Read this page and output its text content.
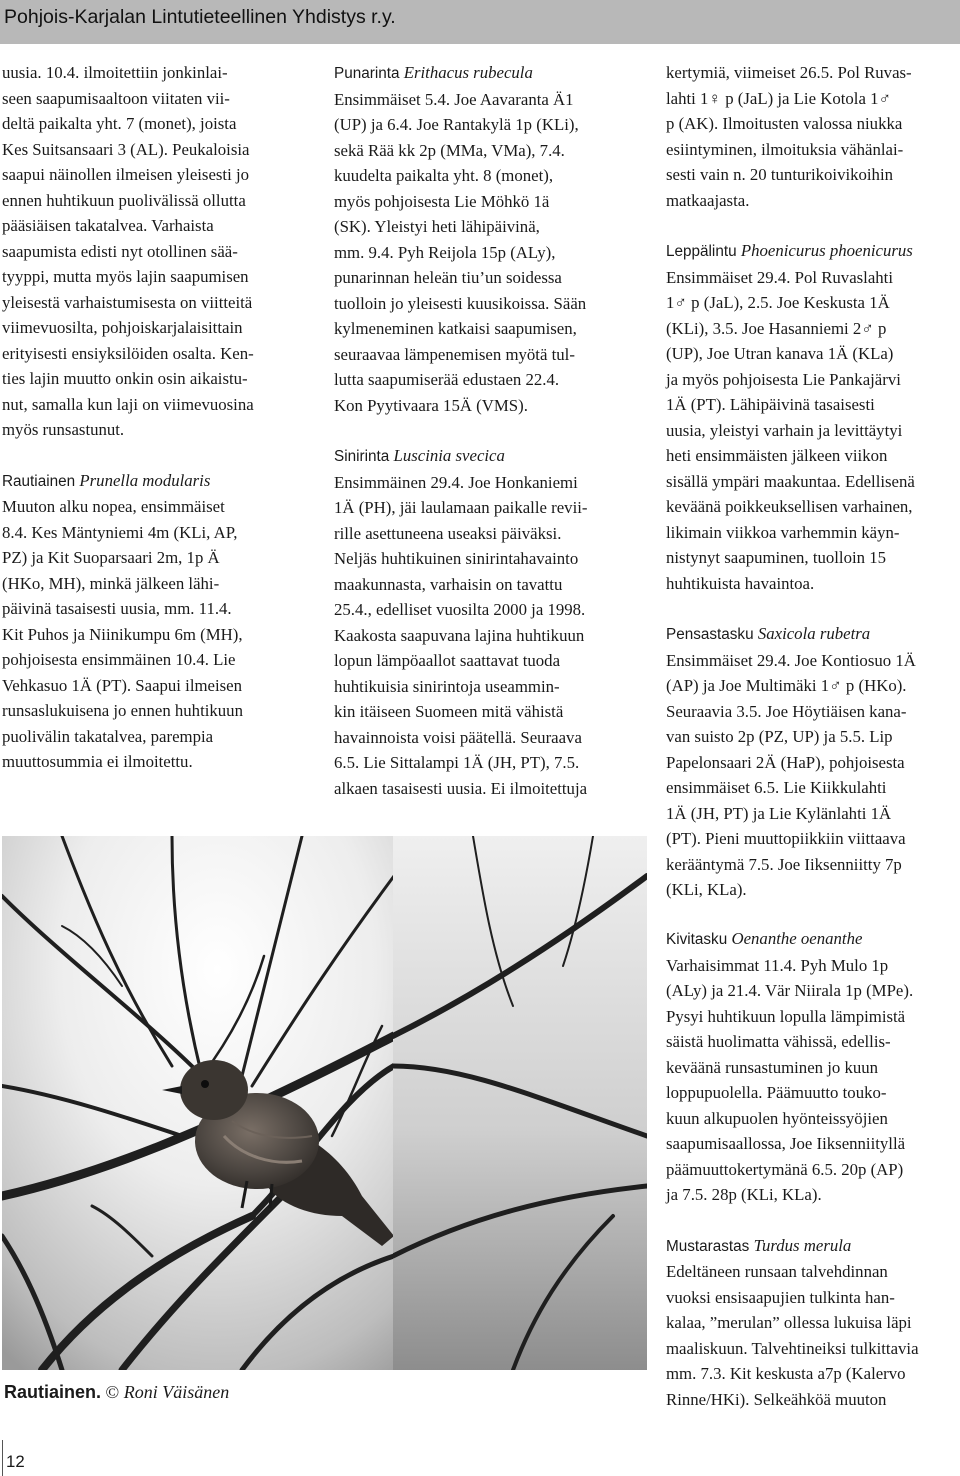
Pohjois-Karjalan Lintutieteellinen Yhdistys r.y.

uusia. 10.4. ilmoitettiin jonkinlai-
seen saapumisaaltoon viitaten vii-
deltä paikalta yht. 7 (monet), joista
Kes Suitsansaari 3 (AL). Peukaloisia
saapui näinollen ilmeisen yleisesti jo
ennen huhtikuun puolivälissä ollutta
pääsiäisen takatalvea. Varhaista
saapumista edisti nyt otollinen sää-
tyyppi, mutta myös lajin saapumisen
yleisestä varhaistumisesta on viitteitä
viimevuosilta, pohjoiskarjalaisittain
erityisesti ensiyksilöiden osalta. Ken-
ties lajin muutto onkin osin aikaistu-
nut, samalla kun laji on viimevuosina
myös runsastunut.

Rautiainen Prunella modularis

Muuton alku nopea, ensimmäiset
8.4. Kes Mäntyniemi 4m (KLi, AP,
PZ) ja Kit Suoparsaari 2m, 1p Ä
(HKo, MH), minkä jälkeen lähi-
päivinä tasaisesti uusia, mm. 11.4.
Kit Puhos ja Niinikumpu 6m (MH),
pohjoisesta ensimmäinen 10.4. Lie
Vehkasuo 1Ä (PT). Saapui ilmeisen
runsaslukuisena jo ennen huhtikuun
puolivälin takatalvea, parempia
muuttosummia ei ilmoitettu.

Punarinta Erithacus rubecula

Ensimmäiset 5.4. Joe Aavaranta Ä1
(UP) ja 6.4. Joe Rantakylä 1p (KLi),
sekä Rää kk 2p (MMa, VMa), 7.4.
kuudelta paikalta yht. 8 (monet),
myös pohjoisesta Lie Möhkö 1ä
(SK). Yleistyi heti lähipäivinä,
mm. 9.4. Pyh Reijola 15p (ALy),
punarinnan heleän tiu’un soidessa
tuolloin jo yleisesti kuusikoissa. Sään
kylmeneminen katkaisi saapumisen,
seuraavaa lämpenemisen myötä tul-
lutta saapumiserää edustaen 22.4.
Kon Pyytivaara 15Ä (VMS).

Sinirinta Luscinia svecica

Ensimmäinen 29.4. Joe Honkaniemi
1Ä (PH), jäi laulamaan paikalle revii-
rille asettuneena useaksi päiväksi.
Neljäs huhtikuinen sinirintahavainto
maakunnasta, varhaisin on tavattu
25.4., edelliset vuosilta 2000 ja 1998.
Kaakosta saapuvana lajina huhtikuun
lopun lämpöaallot saattavat tuoda
huhtikuisia sinirintoja useammin-
kin itäiseen Suomeen mitä vähistä
havainnoista voisi päätellä. Seuraava
6.5. Lie Sittalampi 1Ä (JH, PT), 7.5.
alkaen tasaisesti uusia. Ei ilmoitettuja

kertymiä, viimeiset 26.5. Pol Ruvas-
lahti 1♀ p (JaL) ja Lie Kotola 1♂
p (AK). Ilmoitusten valossa niukka
esiintyminen, ilmoituksia vähänlai-
sesti vain n. 20 tunturikoivikoihin
matkaajasta.

Leppälintu Phoenicurus phoenicurus

Ensimmäiset 29.4. Pol Ruvaslahti
1♂ p (JaL), 2.5. Joe Keskusta 1Ä
(KLi), 3.5. Joe Hasanniemi 2♂ p
(UP), Joe Utran kanava 1Ä (KLa)
ja myös pohjoisesta Lie Pankajärvi
1Ä (PT). Lähipäivinä tasaisesti
uusia, yleistyi varhain ja levittäytyi
heti ensimmäisten jälkeen viikon
sisällä ympäri maakuntaa. Edellisenä
keväänä poikkeuksellisen varhainen,
likimain viikkoa varhemmin käyn-
nistynyt saapuminen, tuolloin 15
huhtikuista havaintoa.

Pensastasku Saxicola rubetra

Ensimmäiset 29.4. Joe Kontiosuo 1Ä
(AP) ja Joe Multimäki 1♂ p (HKo).
Seuraavia 3.5. Joe Höytiäisen kana-
van suisto 2p (PZ, UP) ja 5.5. Lip
Papelonsaari 2Ä (HaP), pohjoisesta
ensimmäiset 6.5. Lie Kiikkulahti
1Ä (JH, PT) ja Lie Kylänlahti 1Ä
(PT). Pieni muuttopiikkiin viittaava
kerääntymä 7.5. Joe Iiksenniitty 7p
(KLi, KLa).

Kivitasku Oenanthe oenanthe

Varhaisimmat 11.4. Pyh Mulo 1p
(ALy) ja 21.4. Vär Niirala 1p (MPe).
Pysyi huhtikuun lopulla lämpimistä
säistä huolimatta vähissä, edellis-
keväänä runsastuminen jo kuun
loppupuolella. Päämuutto touko-
kuun alkupuolen hyönteissyöjien
saapumisaallossa, Joe Iiksenniityllä
päämuuttokertymänä 6.5. 20p (AP)
ja 7.5. 28p (KLi, KLa).

Mustarastas Turdus merula

Edeltäneen runsaan talvehdinnan
vuoksi ensisaapujien tulkinta han-
kalaa, ”merulan” ollessa lukuisa läpi
maaliskuun. Talvehtineiksi tulkittavia
mm. 7.3. Kit keskusta a7p (Kalervo
Rinne/HKi). Selkeähköä muuton

Rautiainen. © Roni Väisänen
12
